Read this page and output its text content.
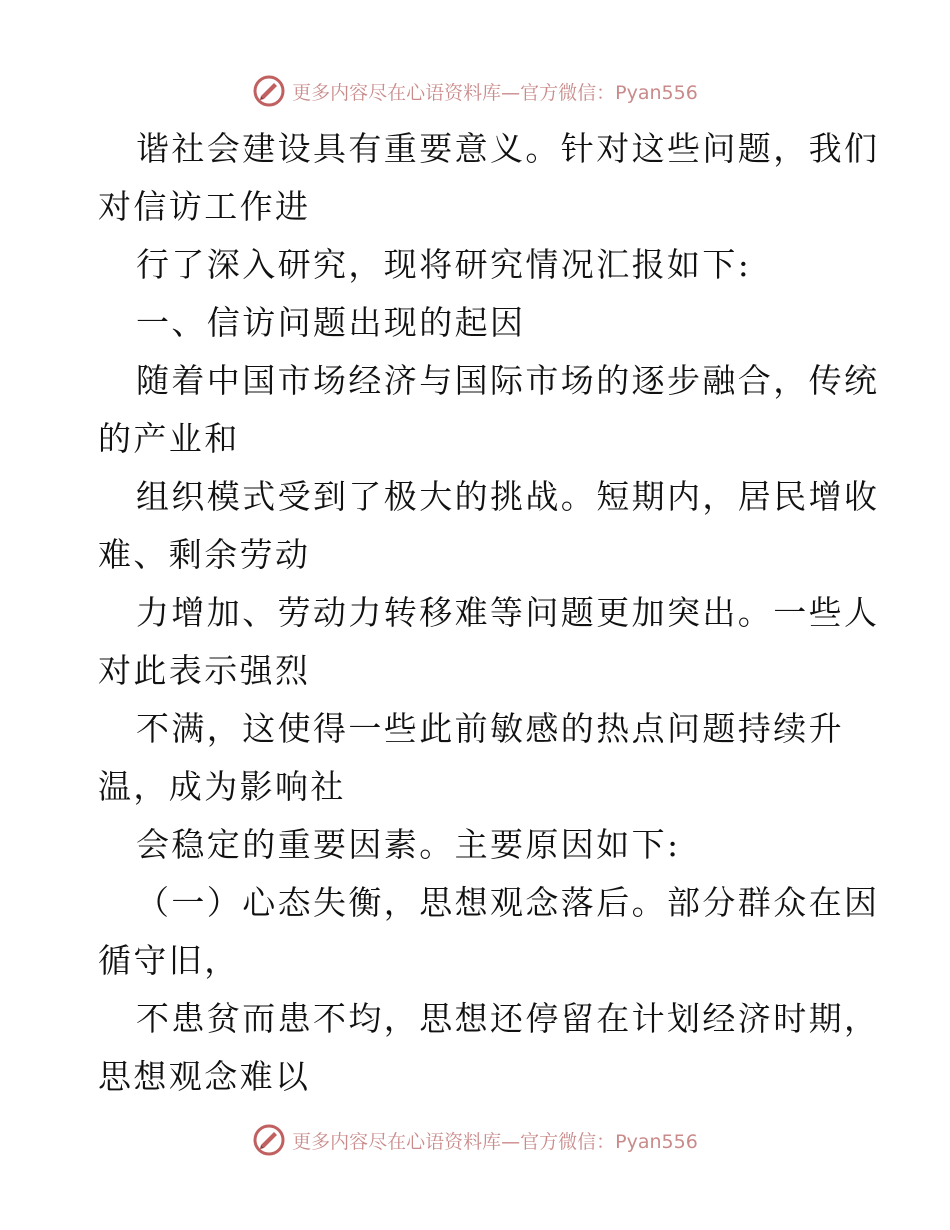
更多内容尽在心语资料库—官方微信：Pyan556
谐社会建设具有重要意义。针对这些问题，我们
对信访工作进
行了深入研究，现将研究情况汇报如下:
一、信访问题出现的起因
随着中国市场经济与国际市场的逐步融合，传统
的产业和
组织模式受到了极大的挑战。短期内，居民增收
难、剩余劳动
力增加、劳动力转移难等问题更加突出。一些人
对此表示强烈
不满，这使得一些此前敏感的热点问题持续升
温，成为影响社
会稳定的重要因素。主要原因如下:
（一）心态失衡，思想观念落后。部分群众在因
循守旧，
不患贫而患不均，思想还停留在计划经济时期，
思想观念难以
更多内容尽在心语资料库—官方微信：Pyan556
